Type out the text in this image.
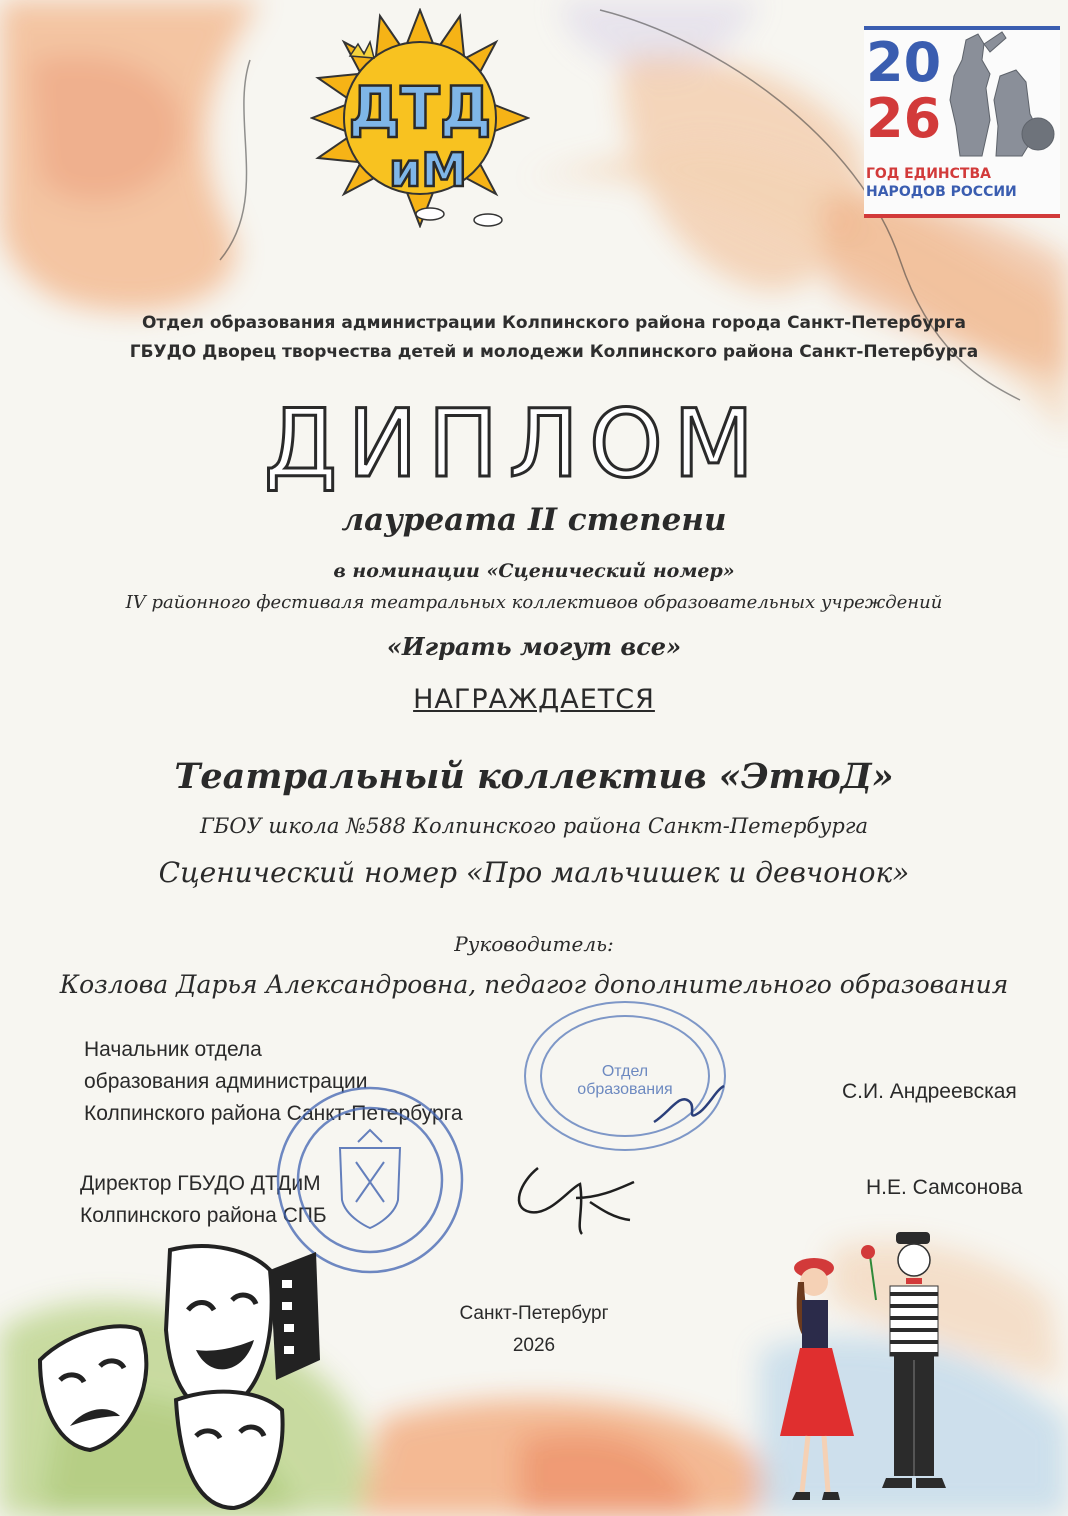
ДТД
иМ
20
26
ГОД ЕДИНСТВА
НАРОДОВ РОССИИ
Отдел образования администрации Колпинского района города Санкт-Петербурга
ГБУДО Дворец творчества детей и молодежи Колпинского района Санкт-Петербурга
ДИПЛОМ
лауреата II степени
в номинации «Сценический номер»
IV районного фестиваля театральных коллективов образовательных учреждений
«Играть могут все»
НАГРАЖДАЕТСЯ
Театральный коллектив «ЭтюД»
ГБОУ школа №588 Колпинского района Санкт-Петербурга
Сценический номер «Про мальчишек и девчонок»
Руководитель:
Козлова Дарья Александровна, педагог дополнительного образования
Начальник отдела
образования администрации
Колпинского района Санкт-Петербурга
С.И. Андреевская
Директор ГБУДО ДТДиМ
Колпинского района СПБ
Н.Е. Самсонова
Отдел
образования
Санкт-Петербург
2026
